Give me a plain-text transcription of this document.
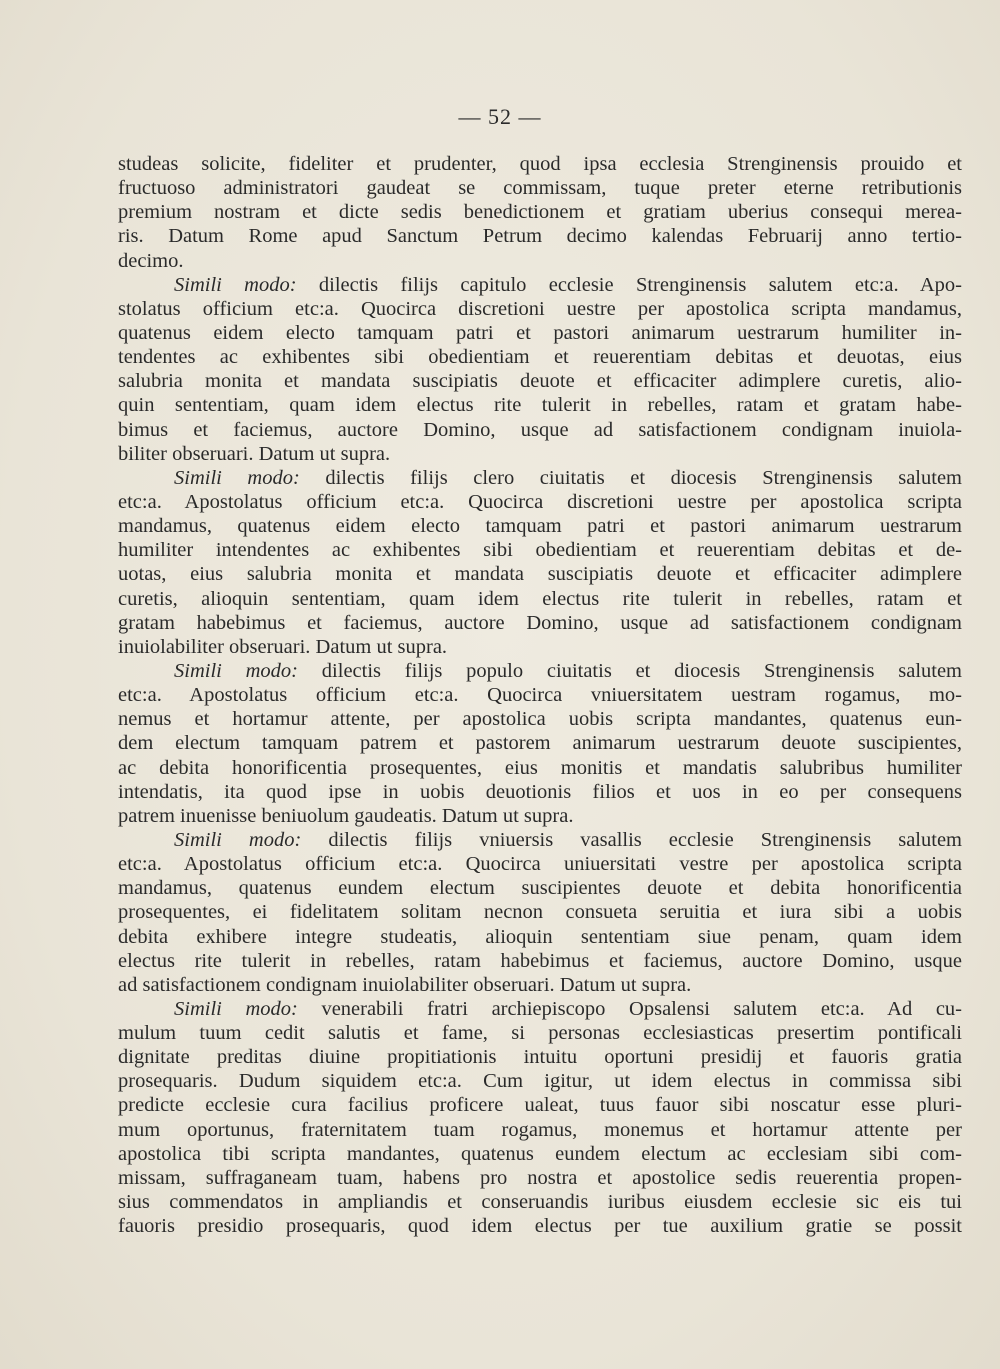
— 52 —
studeas solicite, fideliter et prudenter, quod ipsa ecclesia Strenginensis prouido et
fructuoso administratori gaudeat se commissam, tuque preter eterne retributionis
premium nostram et dicte sedis benedictionem et gratiam uberius consequi merea-
ris. Datum Rome apud Sanctum Petrum decimo kalendas Februarij anno tertio-
decimo.
Simili modo: dilectis filijs capitulo ecclesie Strenginensis salutem etc:a. Apo-
stolatus officium etc:a. Quocirca discretioni uestre per apostolica scripta mandamus,
quatenus eidem electo tamquam patri et pastori animarum uestrarum humiliter in-
tendentes ac exhibentes sibi obedientiam et reuerentiam debitas et deuotas, eius
salubria monita et mandata suscipiatis deuote et efficaciter adimplere curetis, alio-
quin sententiam, quam idem electus rite tulerit in rebelles, ratam et gratam habe-
bimus et faciemus, auctore Domino, usque ad satisfactionem condignam inuiola-
biliter obseruari. Datum ut supra.
Simili modo: dilectis filijs clero ciuitatis et diocesis Strenginensis salutem
etc:a. Apostolatus officium etc:a. Quocirca discretioni uestre per apostolica scripta
mandamus, quatenus eidem electo tamquam patri et pastori animarum uestrarum
humiliter intendentes ac exhibentes sibi obedientiam et reuerentiam debitas et de-
uotas, eius salubria monita et mandata suscipiatis deuote et efficaciter adimplere
curetis, alioquin sententiam, quam idem electus rite tulerit in rebelles, ratam et
gratam habebimus et faciemus, auctore Domino, usque ad satisfactionem condignam
inuiolabiliter obseruari. Datum ut supra.
Simili modo: dilectis filijs populo ciuitatis et diocesis Strenginensis salutem
etc:a. Apostolatus officium etc:a. Quocirca vniuersitatem uestram rogamus, mo-
nemus et hortamur attente, per apostolica uobis scripta mandantes, quatenus eun-
dem electum tamquam patrem et pastorem animarum uestrarum deuote suscipientes,
ac debita honorificentia prosequentes, eius monitis et mandatis salubribus humiliter
intendatis, ita quod ipse in uobis deuotionis filios et uos in eo per consequens
patrem inuenisse beniuolum gaudeatis. Datum ut supra.
Simili modo: dilectis filijs vniuersis vasallis ecclesie Strenginensis salutem
etc:a. Apostolatus officium etc:a. Quocirca uniuersitati vestre per apostolica scripta
mandamus, quatenus eundem electum suscipientes deuote et debita honorificentia
prosequentes, ei fidelitatem solitam necnon consueta seruitia et iura sibi a uobis
debita exhibere integre studeatis, alioquin sententiam siue penam, quam idem
electus rite tulerit in rebelles, ratam habebimus et faciemus, auctore Domino, usque
ad satisfactionem condignam inuiolabiliter obseruari. Datum ut supra.
Simili modo: venerabili fratri archiepiscopo Opsalensi salutem etc:a. Ad cu-
mulum tuum cedit salutis et fame, si personas ecclesiasticas presertim pontificali
dignitate preditas diuine propitiationis intuitu oportuni presidij et fauoris gratia
prosequaris. Dudum siquidem etc:a. Cum igitur, ut idem electus in commissa sibi
predicte ecclesie cura facilius proficere ualeat, tuus fauor sibi noscatur esse pluri-
mum oportunus, fraternitatem tuam rogamus, monemus et hortamur attente per
apostolica tibi scripta mandantes, quatenus eundem electum ac ecclesiam sibi com-
missam, suffraganeam tuam, habens pro nostra et apostolice sedis reuerentia propen-
sius commendatos in ampliandis et conseruandis iuribus eiusdem ecclesie sic eis tui
fauoris presidio prosequaris, quod idem electus per tue auxilium gratie se possit
